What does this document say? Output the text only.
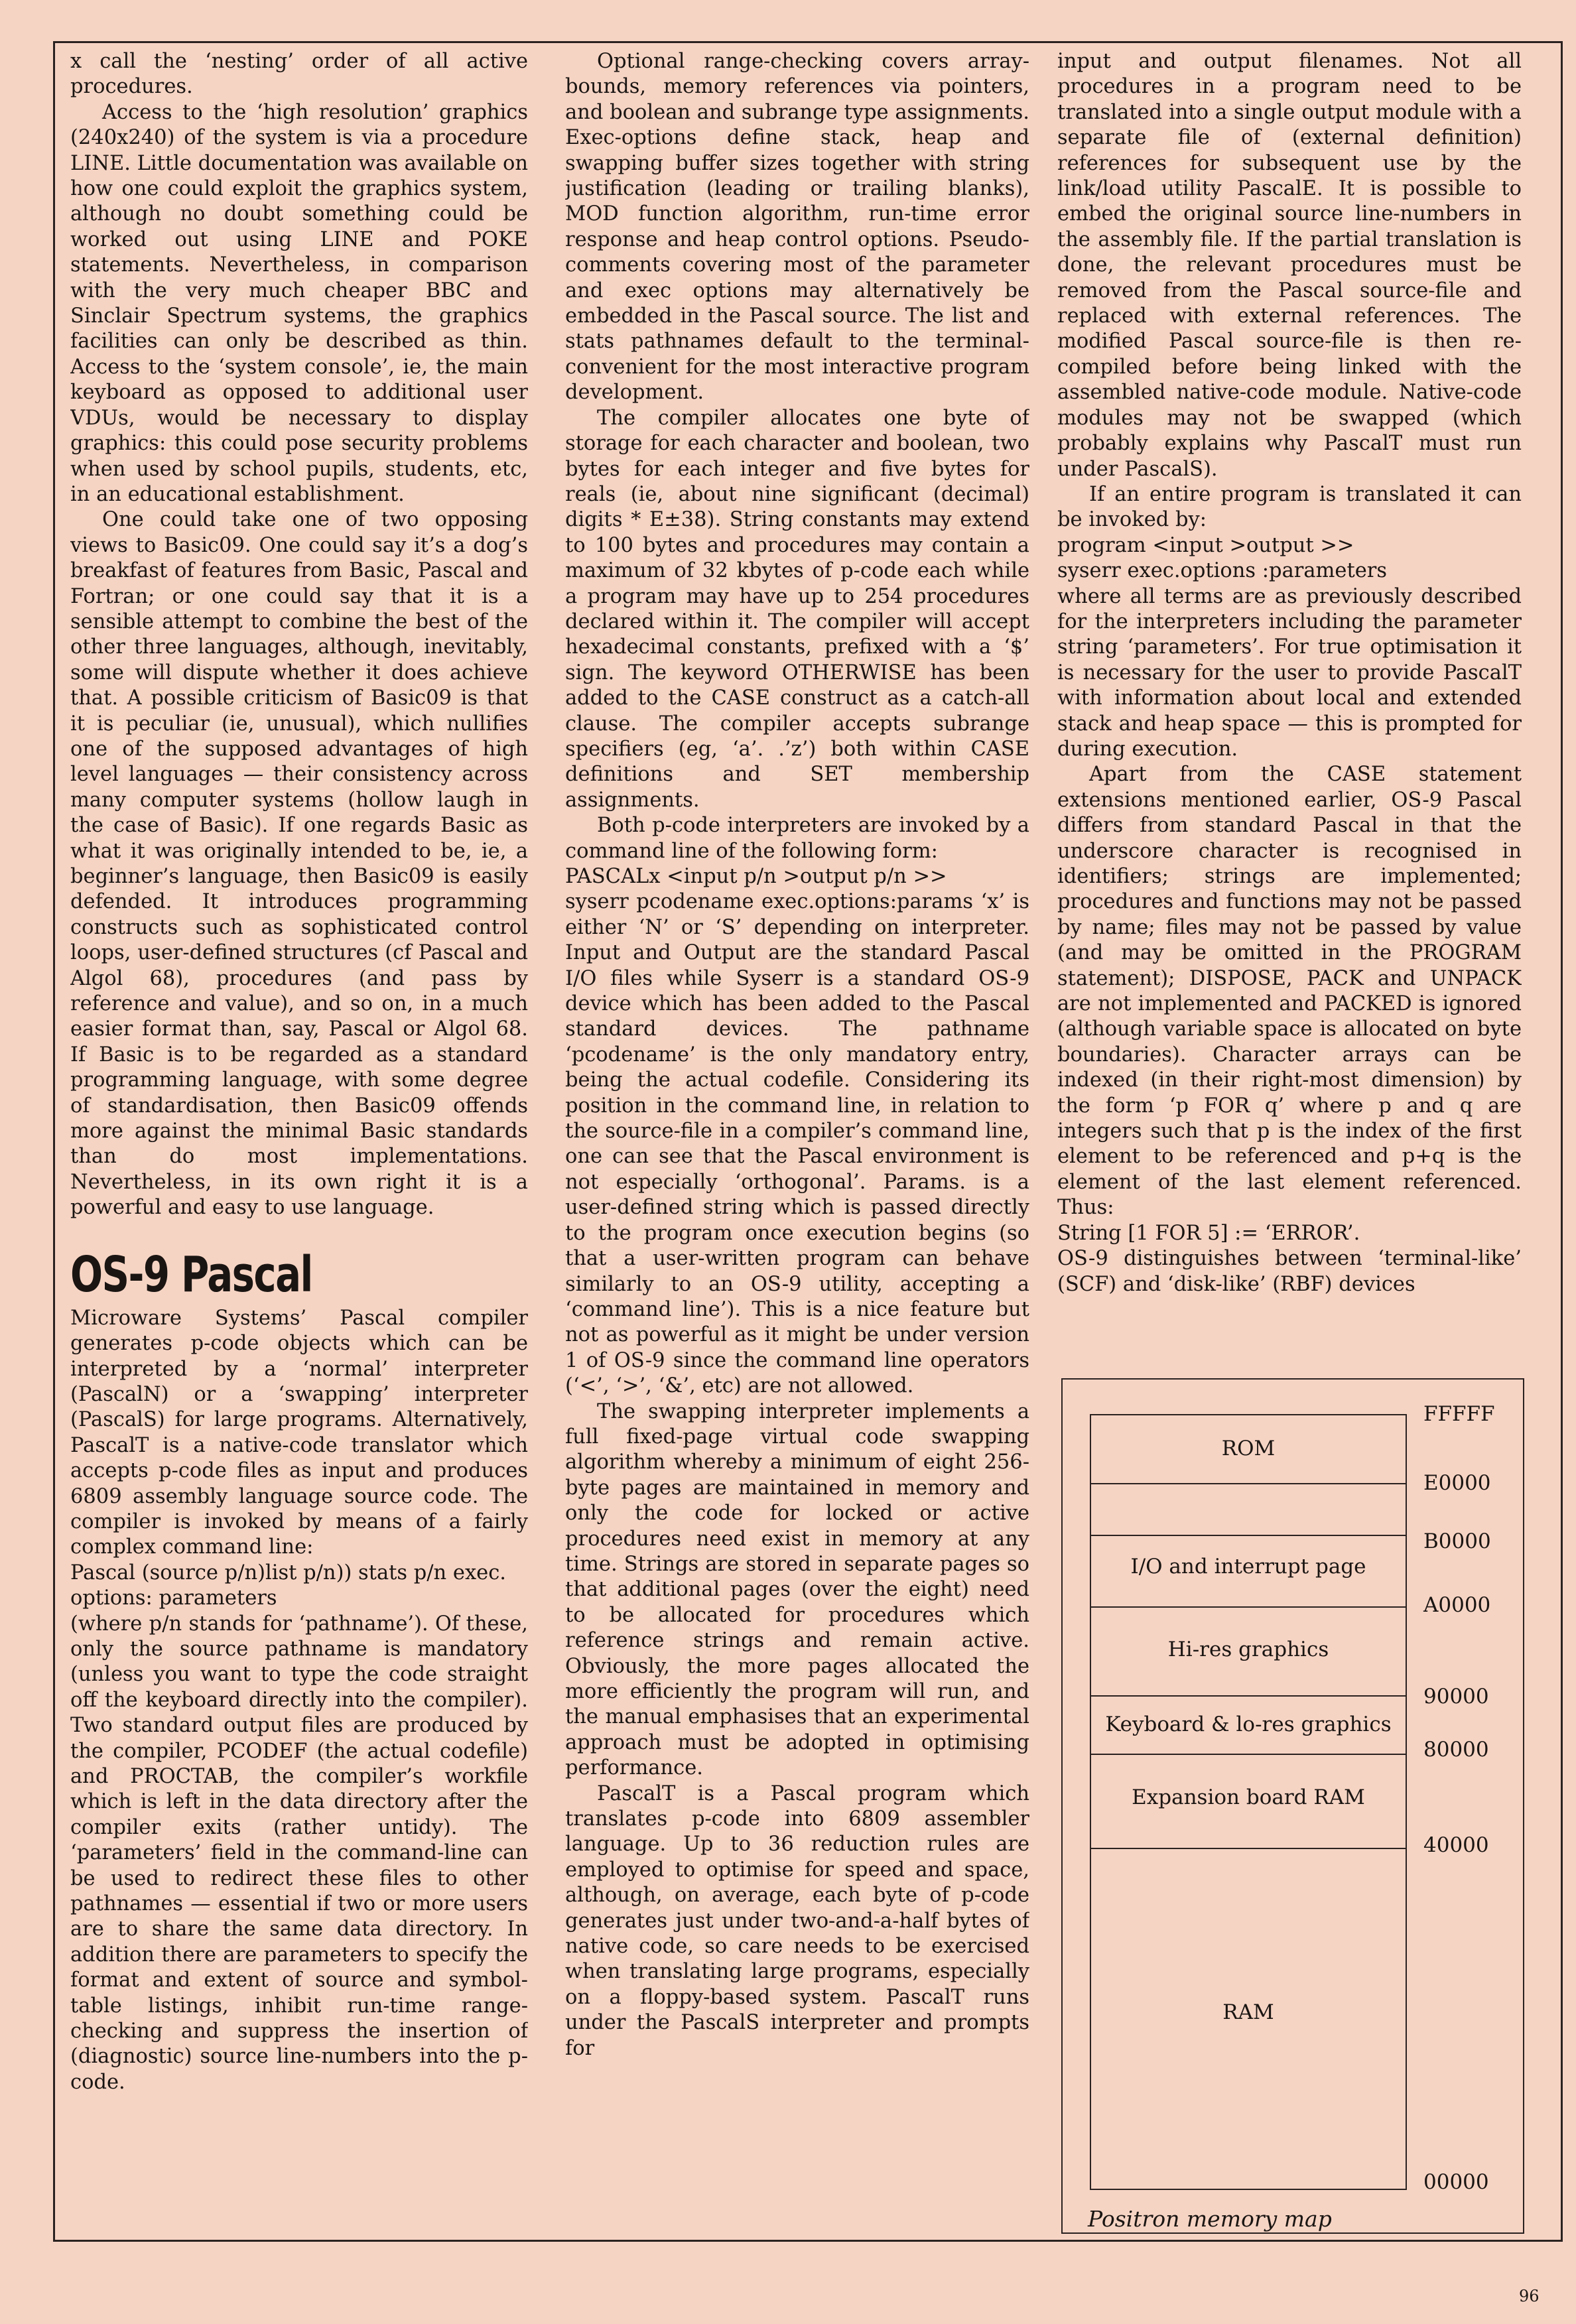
x call the ‘nesting’ order of all active procedures.

Access to the ‘high resolution’ graphics (240x240) of the system is via a procedure LINE. Little documentation was available on how one could exploit the graphics system, although no doubt something could be worked out using LINE and POKE statements. Nevertheless, in comparison with the very much cheaper BBC and Sinclair Spectrum systems, the graphics facilities can only be described as thin. Access to the ‘system console’, ie, the main keyboard as opposed to additional user VDUs, would be necessary to display graphics: this could pose security problems when used by school pupils, students, etc, in an educational establishment.

One could take one of two opposing views to Basic09. One could say it’s a dog’s breakfast of features from Basic, Pascal and Fortran; or one could say that it is a sensible attempt to combine the best of the other three languages, although, inevitably, some will dispute whether it does achieve that. A possible criticism of Basic09 is that it is peculiar (ie, unusual), which nullifies one of the supposed advantages of high level languages — their consistency across many computer systems (hollow laugh in the case of Basic). If one regards Basic as what it was originally intended to be, ie, a beginner’s language, then Basic09 is easily defended. It introduces programming constructs such as sophisticated control loops, user-defined structures (cf Pascal and Algol 68), procedures (and pass by reference and value), and so on, in a much easier format than, say, Pascal or Algol 68. If Basic is to be regarded as a standard programming language, with some degree of standardisation, then Basic09 offends more against the minimal Basic standards than do most implementations. Nevertheless, in its own right it is a powerful and easy to use language.

OS-9 Pascal

Microware Systems’ Pascal compiler generates p-code objects which can be interpreted by a ‘normal’ interpreter (PascalN) or a ‘swapping’ interpreter (PascalS) for large programs. Alternatively, PascalT is a native-code translator which accepts p-code files as input and produces 6809 assembly language source code. The compiler is invoked by means of a fairly complex command line:

Pascal (source p/n)list p/n)) stats p/n exec. options: parameters

(where p/n stands for ‘pathname’). Of these, only the source pathname is mandatory (unless you want to type the code straight off the keyboard directly into the compiler). Two standard output files are produced by the compiler, PCODEF (the actual codefile) and PROCTAB, the compiler’s workfile which is left in the data directory after the compiler exits (rather untidy). The ‘parameters’ field in the command-line can be used to redirect these files to other pathnames — essential if two or more users are to share the same data directory. In addition there are parameters to specify the format and extent of source and symbol-table listings, inhibit run-time range-checking and suppress the insertion of (diagnostic) source line-numbers into the p-code.

Optional range-checking covers array-bounds, memory references via pointers, and boolean and subrange type assignments. Exec-options define stack, heap and swapping buffer sizes together with string justification (leading or trailing blanks), MOD function algorithm, run-time error response and heap control options. Pseudo-comments covering most of the parameter and exec options may alternatively be embedded in the Pascal source. The list and stats pathnames default to the terminal-convenient for the most interactive program development.

The compiler allocates one byte of storage for each character and boolean, two bytes for each integer and five bytes for reals (ie, about nine significant (decimal) digits * E±38). String constants may extend to 100 bytes and procedures may contain a maximum of 32 kbytes of p-code each while a program may have up to 254 procedures declared within it. The compiler will accept hexadecimal constants, prefixed with a ‘$’ sign. The keyword OTHERWISE has been added to the CASE construct as a catch-all clause. The compiler accepts subrange specifiers (eg, ‘a’. .’z’) both within CASE definitions and SET membership assignments.

Both p-code interpreters are invoked by a command line of the following form:

PASCALx <input p/n >output p/n >>

syserr pcodename exec.options:params ‘x’ is either ‘N’ or ‘S’ depending on interpreter. Input and Output are the standard Pascal I/O files while Syserr is a standard OS-9 device which has been added to the Pascal standard devices. The pathname ‘pcodename’ is the only mandatory entry, being the actual codefile. Considering its position in the command line, in relation to the source-file in a compiler’s command line, one can see that the Pascal environment is not especially ‘orthogonal’. Params. is a user-defined string which is passed directly to the program once execution begins (so that a user-written program can behave similarly to an OS-9 utility, accepting a ‘command line’). This is a nice feature but not as powerful as it might be under version 1 of OS-9 since the command line operators (‘<’, ‘>’, ‘&’, etc) are not allowed.

The swapping interpreter implements a full fixed-page virtual code swapping algorithm whereby a minimum of eight 256-byte pages are maintained in memory and only the code for locked or active procedures need exist in memory at any time. Strings are stored in separate pages so that additional pages (over the eight) need to be allocated for procedures which reference strings and remain active. Obviously, the more pages allocated the more efficiently the program will run, and the manual emphasises that an experimental approach must be adopted in optimising performance.

PascalT is a Pascal program which translates p-code into 6809 assembler language. Up to 36 reduction rules are employed to optimise for speed and space, although, on average, each byte of p-code generates just under two-and-a-half bytes of native code, so care needs to be exercised when translating large programs, especially on a floppy-based system. PascalT runs under the PascalS interpreter and prompts for

input and output filenames. Not all procedures in a program need to be translated into a single output module with a separate file of (external definition) references for subsequent use by the link/load utility PascalE. It is possible to embed the original source line-numbers in the assembly file. If the partial translation is done, the relevant procedures must be removed from the Pascal source-file and replaced with external references. The modified Pascal source-file is then re-compiled before being linked with the assembled native-code module. Native-code modules may not be swapped (which probably explains why PascalT must run under PascalS).

If an entire program is translated it can be invoked by:

program <input >output >>

syserr exec.options :parameters

where all terms are as previously described for the interpreters including the parameter string ‘parameters’. For true optimisation it is necessary for the user to provide PascalT with information about local and extended stack and heap space — this is prompted for during execution.

Apart from the CASE statement extensions mentioned earlier, OS-9 Pascal differs from standard Pascal in that the underscore character is recognised in identifiers; strings are implemented; procedures and functions may not be passed by name; files may not be passed by value (and may be omitted in the PROGRAM statement); DISPOSE, PACK and UNPACK are not implemented and PACKED is ignored (although variable space is allocated on byte boundaries). Character arrays can be indexed (in their right-most dimension) by the form ‘p FOR q’ where p and q are integers such that p is the index of the first element to be referenced and p+q is the element of the last element referenced. Thus:

String [1 FOR 5] := ‘ERROR’.

OS-9 distinguishes between ‘terminal-like’ (SCF) and ‘disk-like’ (RBF) devices

ROM
I/O and interrupt page
Hi-res graphics
Keyboard & lo-res graphics
Expansion board RAM
RAM
FFFFF
E0000
B0000
A0000
90000
80000
40000
00000
Positron memory map
96
